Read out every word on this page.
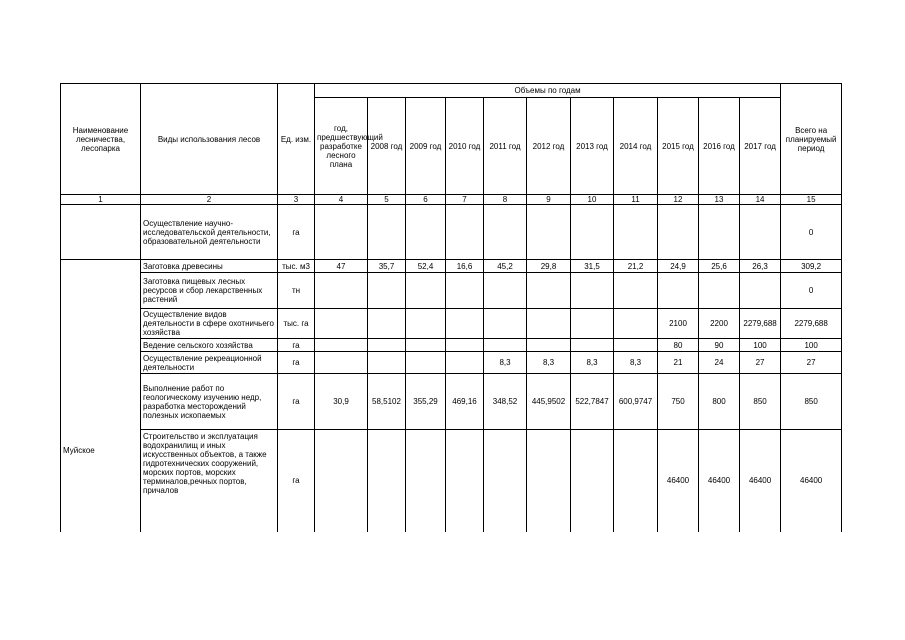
Наименование лесничества, лесопарка	Виды использования лесов	Ед. изм.	Объемы по годам											Всего на планируемый период
			год, предшествующий разработке лесного плана	2008 год	2009 год	2010 год	2011 год	2012 год	2013 год	2014 год	2015 год	2016 год	2017 год	
1	2	3	4	5	6	7	8	9	10	11	12	13	14	15
	Осуществление научно-исследовательской деятельности, образовательной деятельности	га												0
Муйское	Заготовка древесины	тыс. м3	47	35,7	52,4	16,6	45,2	29,8	31,5	21,2	24,9	25,6	26,3	309,2
	Заготовка пищевых лесных ресурсов и сбор лекарственных растений	тн												0
	Осуществление видов деятельности в сфере охотничьего хозяйства	тыс. га									2100	2200	2279,688	2279,688
	Ведение сельского хозяйства	га									80	90	100	100
	Осуществление рекреационной деятельности	га					8,3	8,3	8,3	8,3	21	24	27	27
	Выполнение работ по геологическому изучению недр, разработка месторождений полезных ископаемых	га	30,9	58,5102	355,29	469,16	348,52	445,9502	522,7847	600,9747	750	800	850	850
	Строительство и эксплуатация водохранилищ и иных искусственных объектов, а также гидротехнических сооружений, морских портов, морских терминалов,речных портов, причалов	га									46400	46400	46400	46400
